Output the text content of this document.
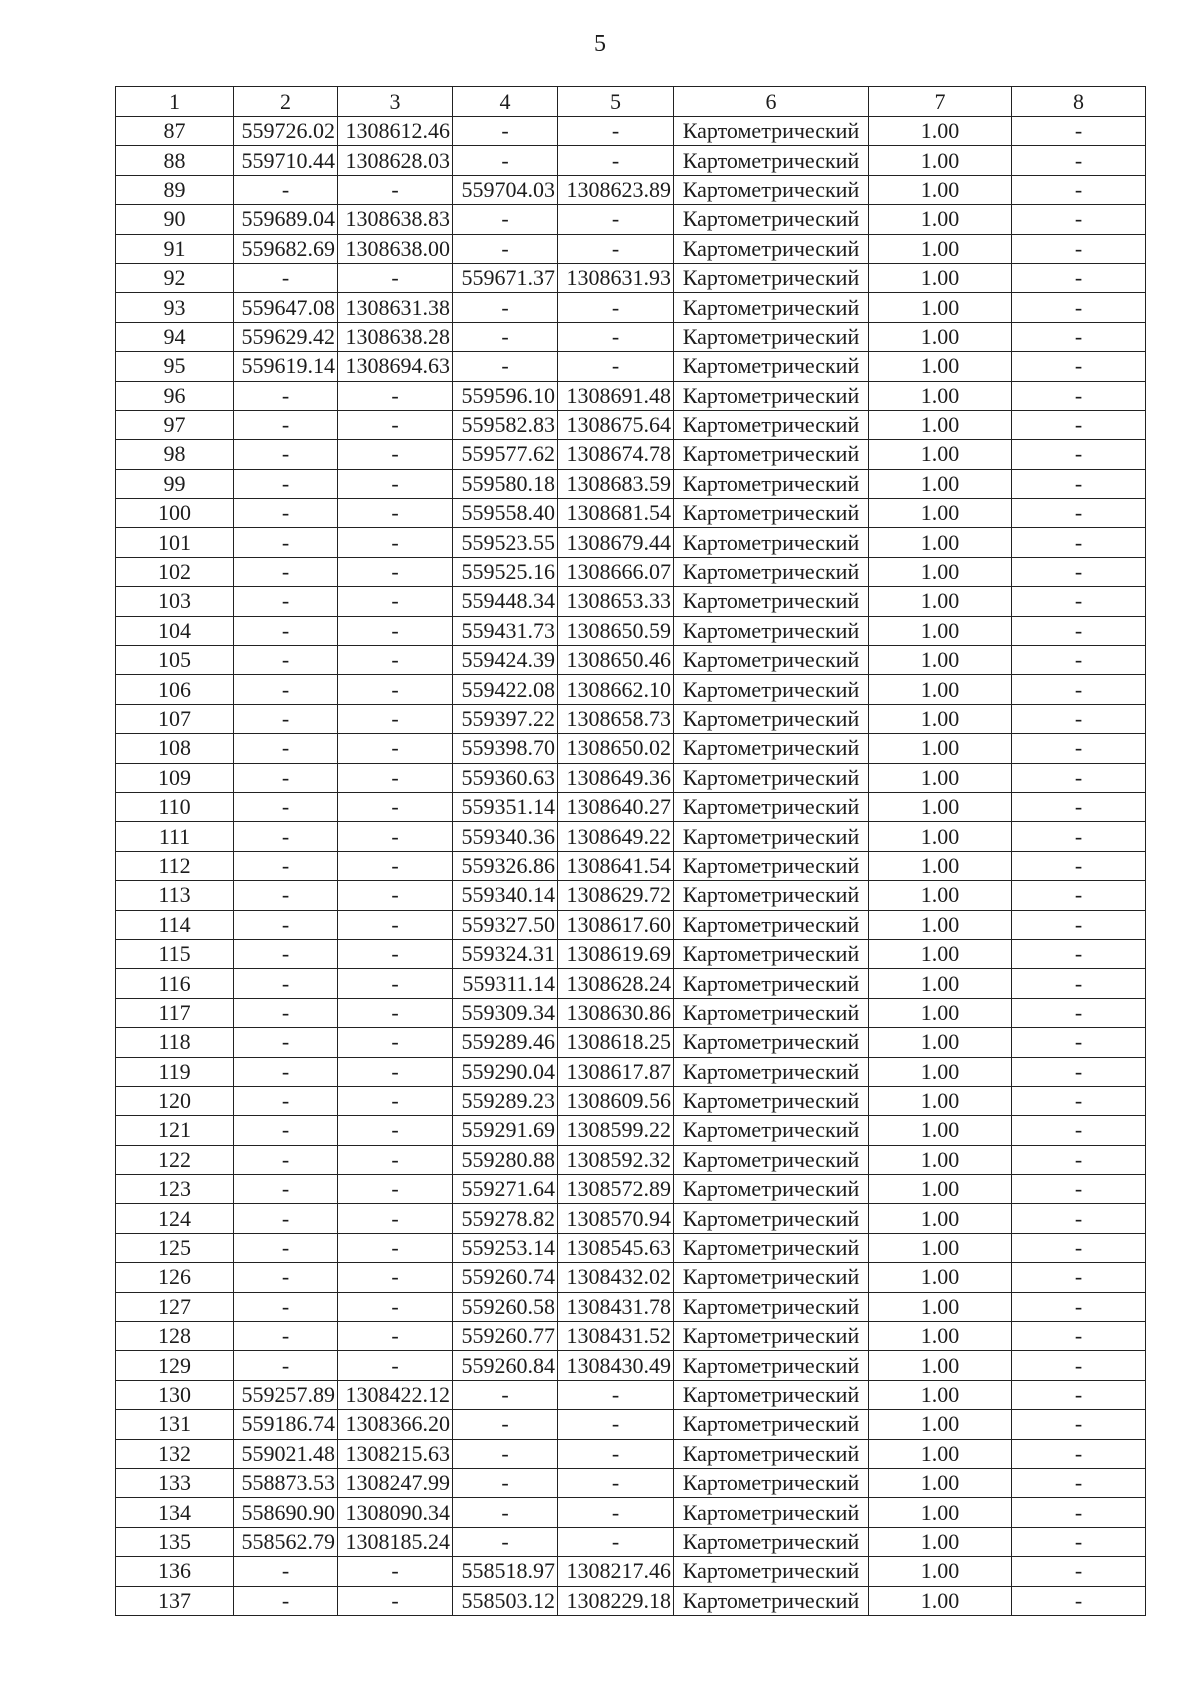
5
1	2	3	4	5	6	7	8
87	559726.02	1308612.46	-	-	Картометрический	1.00	-
88	559710.44	1308628.03	-	-	Картометрический	1.00	-
89	-	-	559704.03	1308623.89	Картометрический	1.00	-
90	559689.04	1308638.83	-	-	Картометрический	1.00	-
91	559682.69	1308638.00	-	-	Картометрический	1.00	-
92	-	-	559671.37	1308631.93	Картометрический	1.00	-
93	559647.08	1308631.38	-	-	Картометрический	1.00	-
94	559629.42	1308638.28	-	-	Картометрический	1.00	-
95	559619.14	1308694.63	-	-	Картометрический	1.00	-
96	-	-	559596.10	1308691.48	Картометрический	1.00	-
97	-	-	559582.83	1308675.64	Картометрический	1.00	-
98	-	-	559577.62	1308674.78	Картометрический	1.00	-
99	-	-	559580.18	1308683.59	Картометрический	1.00	-
100	-	-	559558.40	1308681.54	Картометрический	1.00	-
101	-	-	559523.55	1308679.44	Картометрический	1.00	-
102	-	-	559525.16	1308666.07	Картометрический	1.00	-
103	-	-	559448.34	1308653.33	Картометрический	1.00	-
104	-	-	559431.73	1308650.59	Картометрический	1.00	-
105	-	-	559424.39	1308650.46	Картометрический	1.00	-
106	-	-	559422.08	1308662.10	Картометрический	1.00	-
107	-	-	559397.22	1308658.73	Картометрический	1.00	-
108	-	-	559398.70	1308650.02	Картометрический	1.00	-
109	-	-	559360.63	1308649.36	Картометрический	1.00	-
110	-	-	559351.14	1308640.27	Картометрический	1.00	-
111	-	-	559340.36	1308649.22	Картометрический	1.00	-
112	-	-	559326.86	1308641.54	Картометрический	1.00	-
113	-	-	559340.14	1308629.72	Картометрический	1.00	-
114	-	-	559327.50	1308617.60	Картометрический	1.00	-
115	-	-	559324.31	1308619.69	Картометрический	1.00	-
116	-	-	559311.14	1308628.24	Картометрический	1.00	-
117	-	-	559309.34	1308630.86	Картометрический	1.00	-
118	-	-	559289.46	1308618.25	Картометрический	1.00	-
119	-	-	559290.04	1308617.87	Картометрический	1.00	-
120	-	-	559289.23	1308609.56	Картометрический	1.00	-
121	-	-	559291.69	1308599.22	Картометрический	1.00	-
122	-	-	559280.88	1308592.32	Картометрический	1.00	-
123	-	-	559271.64	1308572.89	Картометрический	1.00	-
124	-	-	559278.82	1308570.94	Картометрический	1.00	-
125	-	-	559253.14	1308545.63	Картометрический	1.00	-
126	-	-	559260.74	1308432.02	Картометрический	1.00	-
127	-	-	559260.58	1308431.78	Картометрический	1.00	-
128	-	-	559260.77	1308431.52	Картометрический	1.00	-
129	-	-	559260.84	1308430.49	Картометрический	1.00	-
130	559257.89	1308422.12	-	-	Картометрический	1.00	-
131	559186.74	1308366.20	-	-	Картометрический	1.00	-
132	559021.48	1308215.63	-	-	Картометрический	1.00	-
133	558873.53	1308247.99	-	-	Картометрический	1.00	-
134	558690.90	1308090.34	-	-	Картометрический	1.00	-
135	558562.79	1308185.24	-	-	Картометрический	1.00	-
136	-	-	558518.97	1308217.46	Картометрический	1.00	-
137	-	-	558503.12	1308229.18	Картометрический	1.00	-
